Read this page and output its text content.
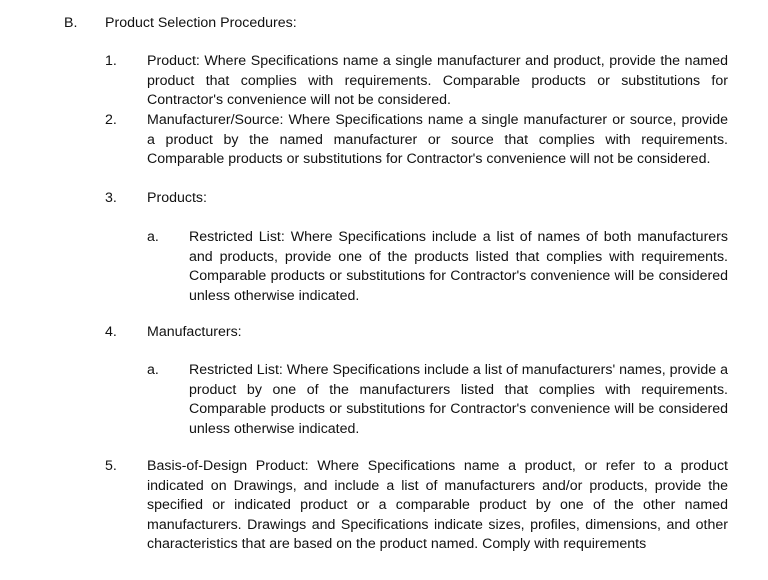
B. Product Selection Procedures:
1. Product: Where Specifications name a single manufacturer and product, provide the named product that complies with requirements. Comparable products or substitutions for Contractor's convenience will not be considered.
2. Manufacturer/Source: Where Specifications name a single manufacturer or source, provide a product by the named manufacturer or source that complies with requirements. Comparable products or substitutions for Contractor's convenience will not be considered.
3. Products:
a. Restricted List: Where Specifications include a list of names of both manufacturers and products, provide one of the products listed that complies with requirements. Comparable products or substitutions for Contractor's convenience will be considered unless otherwise indicated.
4. Manufacturers:
a. Restricted List: Where Specifications include a list of manufacturers' names, provide a product by one of the manufacturers listed that complies with requirements. Comparable products or substitutions for Contractor's convenience will be considered unless otherwise indicated.
5. Basis-of-Design Product: Where Specifications name a product, or refer to a product indicated on Drawings, and include a list of manufacturers and/or products, provide the specified or indicated product or a comparable product by one of the other named manufacturers. Drawings and Specifications indicate sizes, profiles, dimensions, and other characteristics that are based on the product named. Comply with requirements
